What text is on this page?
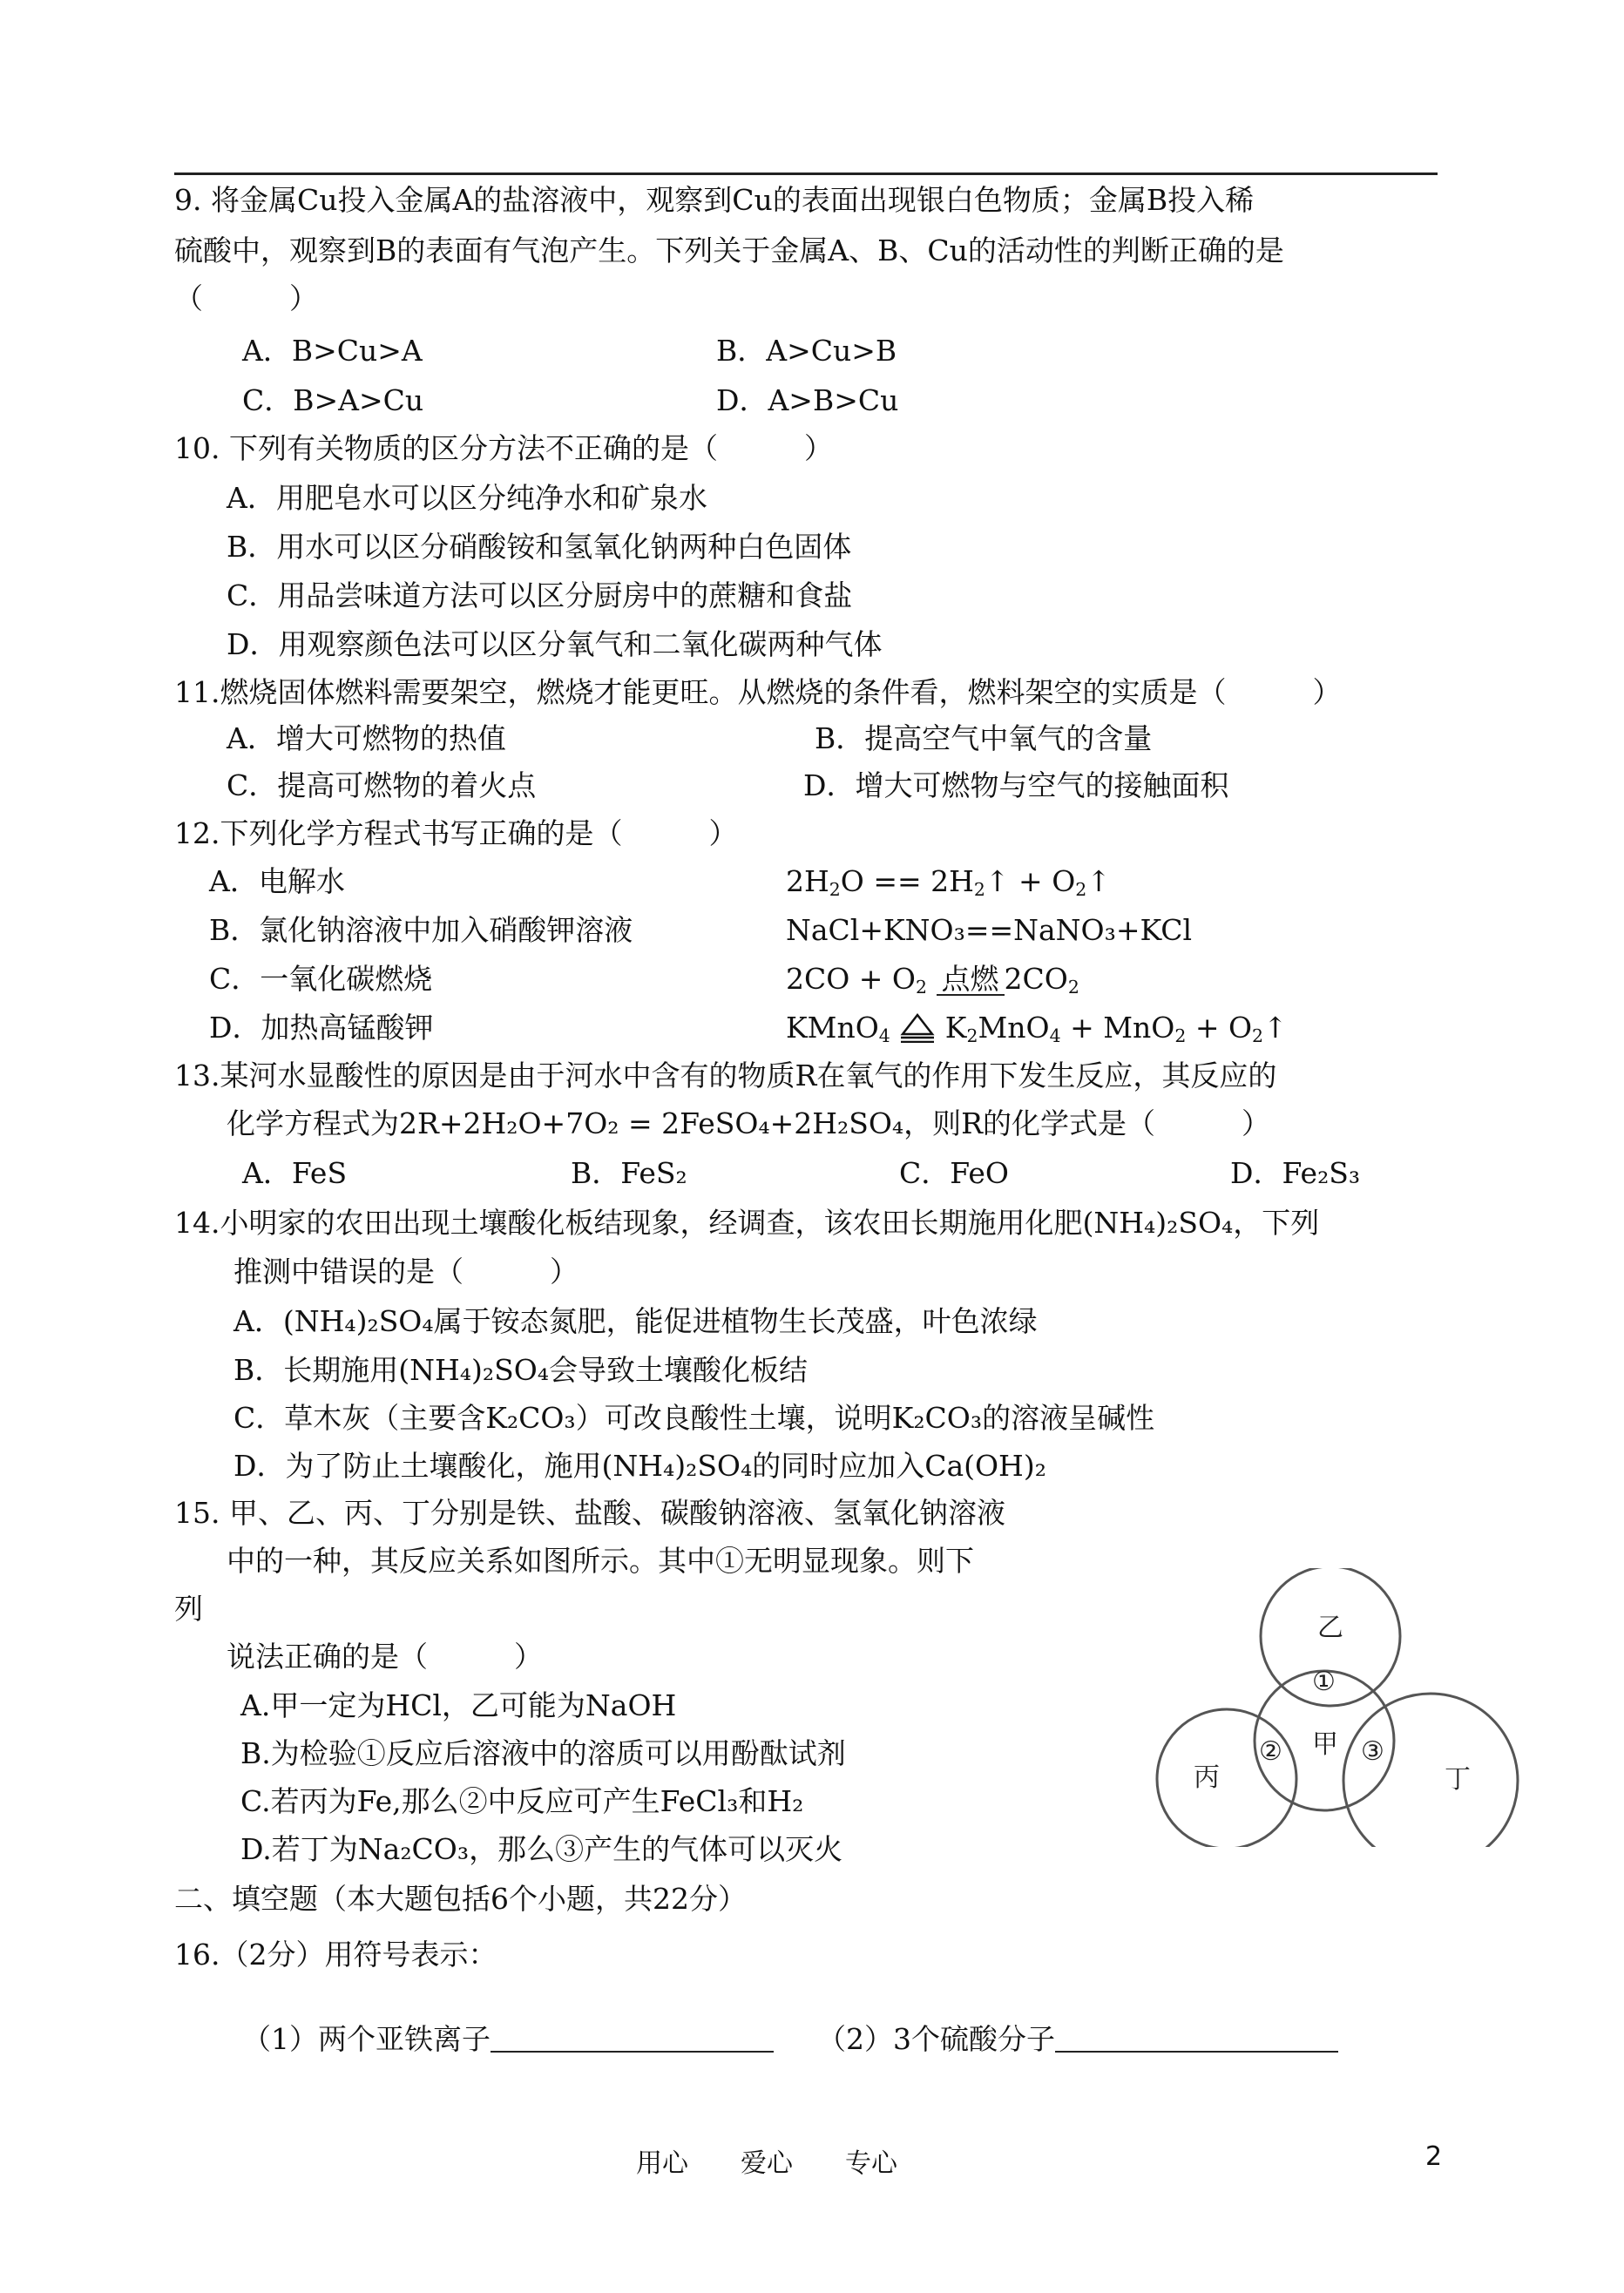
9. 将金属Cu投入金属A的盐溶液中，观察到Cu的表面出现银白色物质；金属B投入稀
硫酸中，观察到B的表面有气泡产生。下列关于金属A、B、Cu的活动性的判断正确的是
（　　　）
A．B>Cu>A	B．A>Cu>B
C．B>A>Cu	D．A>B>Cu
10. 下列有关物质的区分方法不正确的是（　　　）
A．用肥皂水可以区分纯净水和矿泉水
B．用水可以区分硝酸铵和氢氧化钠两种白色固体
C．用品尝味道方法可以区分厨房中的蔗糖和食盐
D．用观察颜色法可以区分氧气和二氧化碳两种气体
11.燃烧固体燃料需要架空，燃烧才能更旺。从燃烧的条件看，燃料架空的实质是（　　　）
A．增大可燃物的热值	B．提高空气中氧气的含量
C．提高可燃物的着火点	D．增大可燃物与空气的接触面积
12.下列化学方程式书写正确的是（　　　）
A．电解水	$2H_2O$ == $2H_2↑$ + $O_2↑$
B．氯化钠溶液中加入硝酸钾溶液	NaCl+KNO₃==NaNO₃+KCl
C．一氧化碳燃烧	$2CO + O_2$ 点燃 $2CO_2$
D．加热高锰酸钾	KMnO$_4$  $K_2MnO_4 + MnO_2$ + $O_2↑$
13.某河水显酸性的原因是由于河水中含有的物质R在氧气的作用下发生反应，其反应的
化学方程式为2R+2H₂O+7O₂ = 2FeSO₄+2H₂SO₄，则R的化学式是（　　　）
A．FeS	B．FeS₂	C．FeO	D．Fe₂S₃
14.小明家的农田出现土壤酸化板结现象，经调查，该农田长期施用化肥(NH₄)₂SO₄，下列
推测中错误的是（　　　）
A．(NH₄)₂SO₄属于铵态氮肥，能促进植物生长茂盛，叶色浓绿
B．长期施用(NH₄)₂SO₄会导致土壤酸化板结
C．草木灰（主要含K₂CO₃）可改良酸性土壤，说明K₂CO₃的溶液呈碱性
D．为了防止土壤酸化，施用(NH₄)₂SO₄的同时应加入Ca(OH)₂
15. 甲、乙、丙、丁分别是铁、盐酸、碳酸钠溶液、氢氧化钠溶液
中的一种，其反应关系如图所示。其中①无明显现象。则下
列
说法正确的是（　　　）
A.甲一定为HCl，乙可能为NaOH
B.为检验①反应后溶液中的溶质可以用酚酞试剂
C.若丙为Fe,那么②中反应可产生FeCl₃和H₂
D.若丁为Na₂CO₃，那么③产生的气体可以灭火
乙
甲
丙	丁
①
②	③
二、填空题（本大题包括6个小题，共22分）
16.（2分）用符号表示：
（1）两个亚铁离子	（2）3个硫酸分子
用心　　爱心　　专心	2
